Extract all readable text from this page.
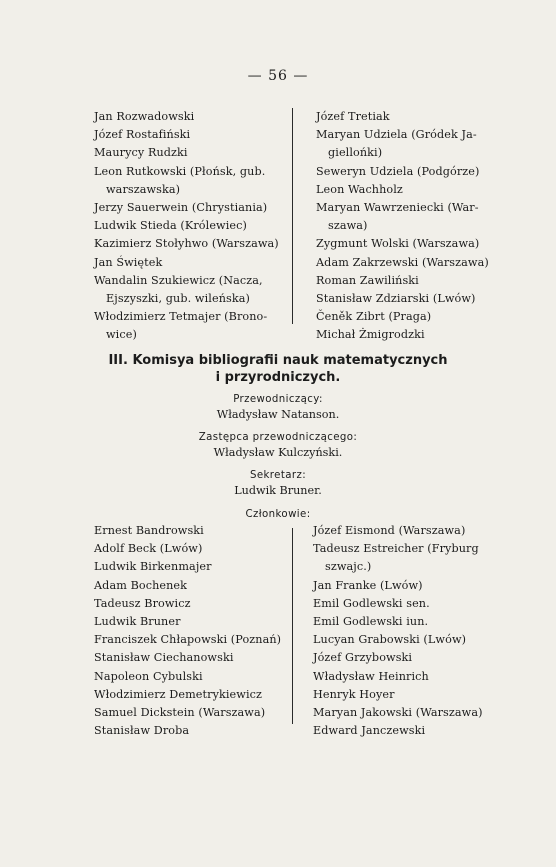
— 56 —
Jan Rozwadowski
Józef Rostafiński
Maurycy Rudzki
Leon Rutkowski (Płońsk, gub.
warszawska)
Jerzy Sauerwein (Chrystiania)
Ludwik Stieda (Królewiec)
Kazimierz Stołyhwo (Warszawa)
Jan Świętek
Wandalin Szukiewicz (Nacza,
Ejszyszki, gub. wileńska)
Włodzimierz Tetmajer (Brono-
wice)
Józef Tretiak
Maryan Udziela (Gródek Ja-
giellońki)
Seweryn Udziela (Podgórze)
Leon Wachholz
Maryan Wawrzeniecki (War-
szawa)
Zygmunt Wolski (Warszawa)
Adam Zakrzewski (Warszawa)
Roman Zawiliński
Stanisław Zdziarski (Lwów)
Čeněk Zibrt (Praga)
Michał Żmigrodzki
III. Komisya bibliografii nauk matematycznych
i przyrodniczych.
Przewodniczący:
Władysław Natanson.
Zastępca przewodniczącego:
Władysław Kulczyński.
Sekretarz:
Ludwik Bruner.
Członkowie:
Ernest Bandrowski
Adolf Beck (Lwów)
Ludwik Birkenmajer
Adam Bochenek
Tadeusz Browicz
Ludwik Bruner
Franciszek Chłapowski (Poznań)
Stanisław Ciechanowski
Napoleon Cybulski
Włodzimierz Demetrykiewicz
Samuel Dickstein (Warszawa)
Stanisław Droba
Józef Eismond (Warszawa)
Tadeusz Estreicher (Fryburg
szwajc.)
Jan Franke (Lwów)
Emil Godlewski sen.
Emil Godlewski iun.
Lucyan Grabowski (Lwów)
Józef Grzybowski
Władysław Heinrich
Henryk Hoyer
Maryan Jakowski (Warszawa)
Edward Janczewski
